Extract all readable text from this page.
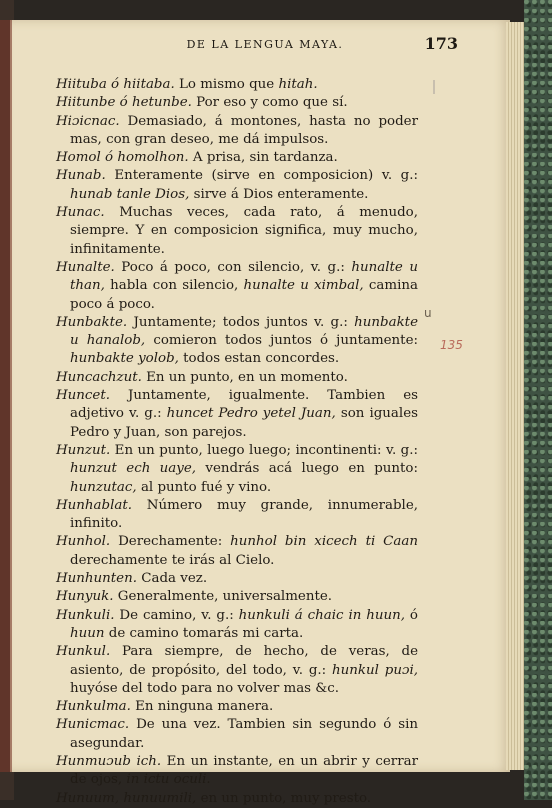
DE LA LENGUA MAYA.	173
u
135

Hiituba ó hiitaba. Lo mismo que hitah.

Hiitunbe ó hetunbe. Por eso y como que sí.

Hiɔicnac. Demasiado, á montones, hasta no poder mas, con gran deseo, me dá impulsos.

Homol ó homolhon. A prisa, sin tardanza.

Hunab. Enteramente (sirve en composicion) v. g.: hunab tanle Dios, sirve á Dios enteramente.

Hunac. Muchas veces, cada rato, á menudo, siempre. Y en composicion significa, muy mucho, infinitamente.

Hunalte. Poco á poco, con silencio, v. g.: hunalte u than, habla con silencio, hunalte u ximbal, camina poco á poco.

Hunbakte. Juntamente; todos juntos v. g.: hunbakte u hanalob, comieron todos juntos ó juntamente: hunbakte yolob, todos estan concordes.

Huncachzut. En un punto, en un momento.

Huncet. Juntamente, igualmente. Tambien es adjetivo v. g.: huncet Pedro yetel Juan, son iguales Pedro y Juan, son parejos.

Hunzut. En un punto, luego luego; incontinenti: v. g.: hunzut ech uaye, vendrás acá luego en punto: hunzutac, al punto fué y vino.

Hunhablat. Número muy grande, innumerable, infinito.

Hunhol. Derechamente: hunhol bin xicech ti Caan derechamente te irás al Cielo.

Hunhunten. Cada vez.

Hunyuk. Generalmente, universalmente.

Hunkuli. De camino, v. g.: hunkuli á chaic in huun, ó huun de camino tomarás mi carta.

Hunkul. Para siempre, de hecho, de veras, de asiento, de propósito, del todo, v. g.: hunkul puɔi, huyóse del todo para no volver mas &c.

Hunkulma. En ninguna manera.

Hunicmac. De una vez. Tambien sin segundo ó sin asegundar.

Hunmuɔub ich. En un instante, en un abrir y cerrar de ojos, in ictu oculi.

Hunuum, hunuumili, en un punto, muy presto.
